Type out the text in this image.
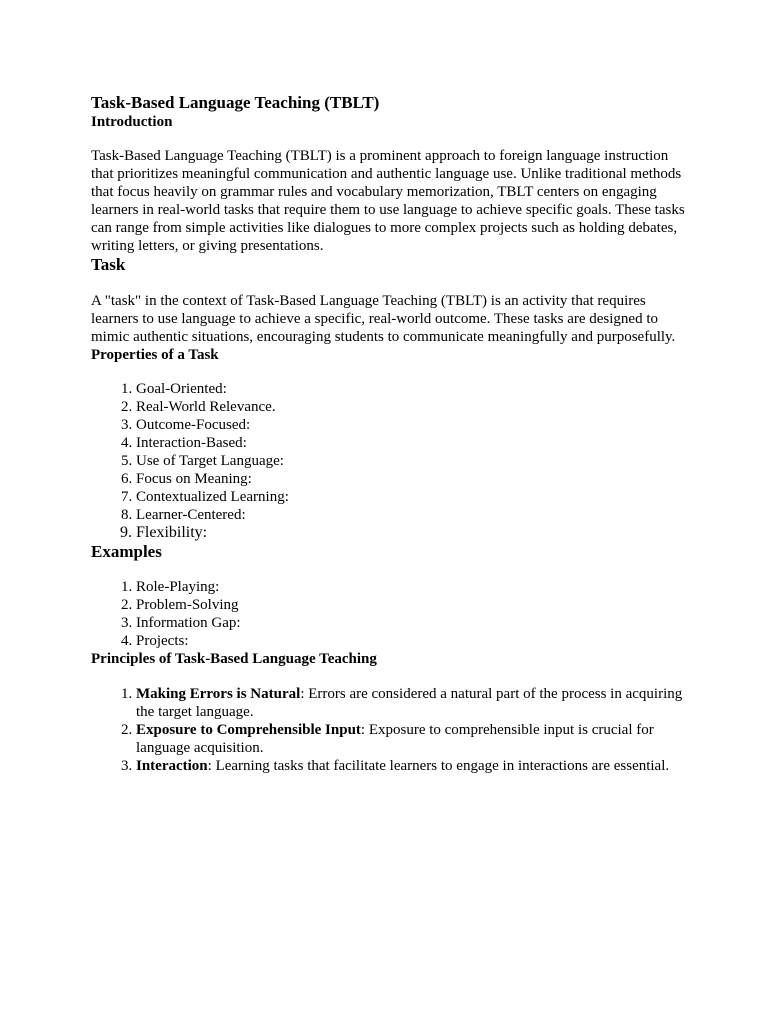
Task-Based Language Teaching (TBLT)
Introduction

Task-Based Language Teaching (TBLT) is a prominent approach to foreign language instruction that prioritizes meaningful communication and authentic language use. Unlike traditional methods that focus heavily on grammar rules and vocabulary memorization, TBLT centers on engaging learners in real-world tasks that require them to use language to achieve specific goals. These tasks can range from simple activities like dialogues to more complex projects such as holding debates, writing letters, or giving presentations.

Task

A "task" in the context of Task-Based Language Teaching (TBLT) is an activity that requires learners to use language to achieve a specific, real-world outcome. These tasks are designed to mimic authentic situations, encouraging students to communicate meaningfully and purposefully.

Properties of a Task
1. Goal-Oriented:
2. Real-World Relevance.
3. Outcome-Focused:
4. Interaction-Based:
5. Use of Target Language:
6. Focus on Meaning:
7. Contextualized Learning:
8. Learner-Centered:
9. Flexibility:
Examples
1. Role-Playing:
2. Problem-Solving
3. Information Gap:
4. Projects:
Principles of Task-Based Language Teaching
1. Making Errors is Natural: Errors are considered a natural part of the process in acquiring the target language.
2. Exposure to Comprehensible Input: Exposure to comprehensible input is crucial for language acquisition.
3. Interaction: Learning tasks that facilitate learners to engage in interactions are essential.
